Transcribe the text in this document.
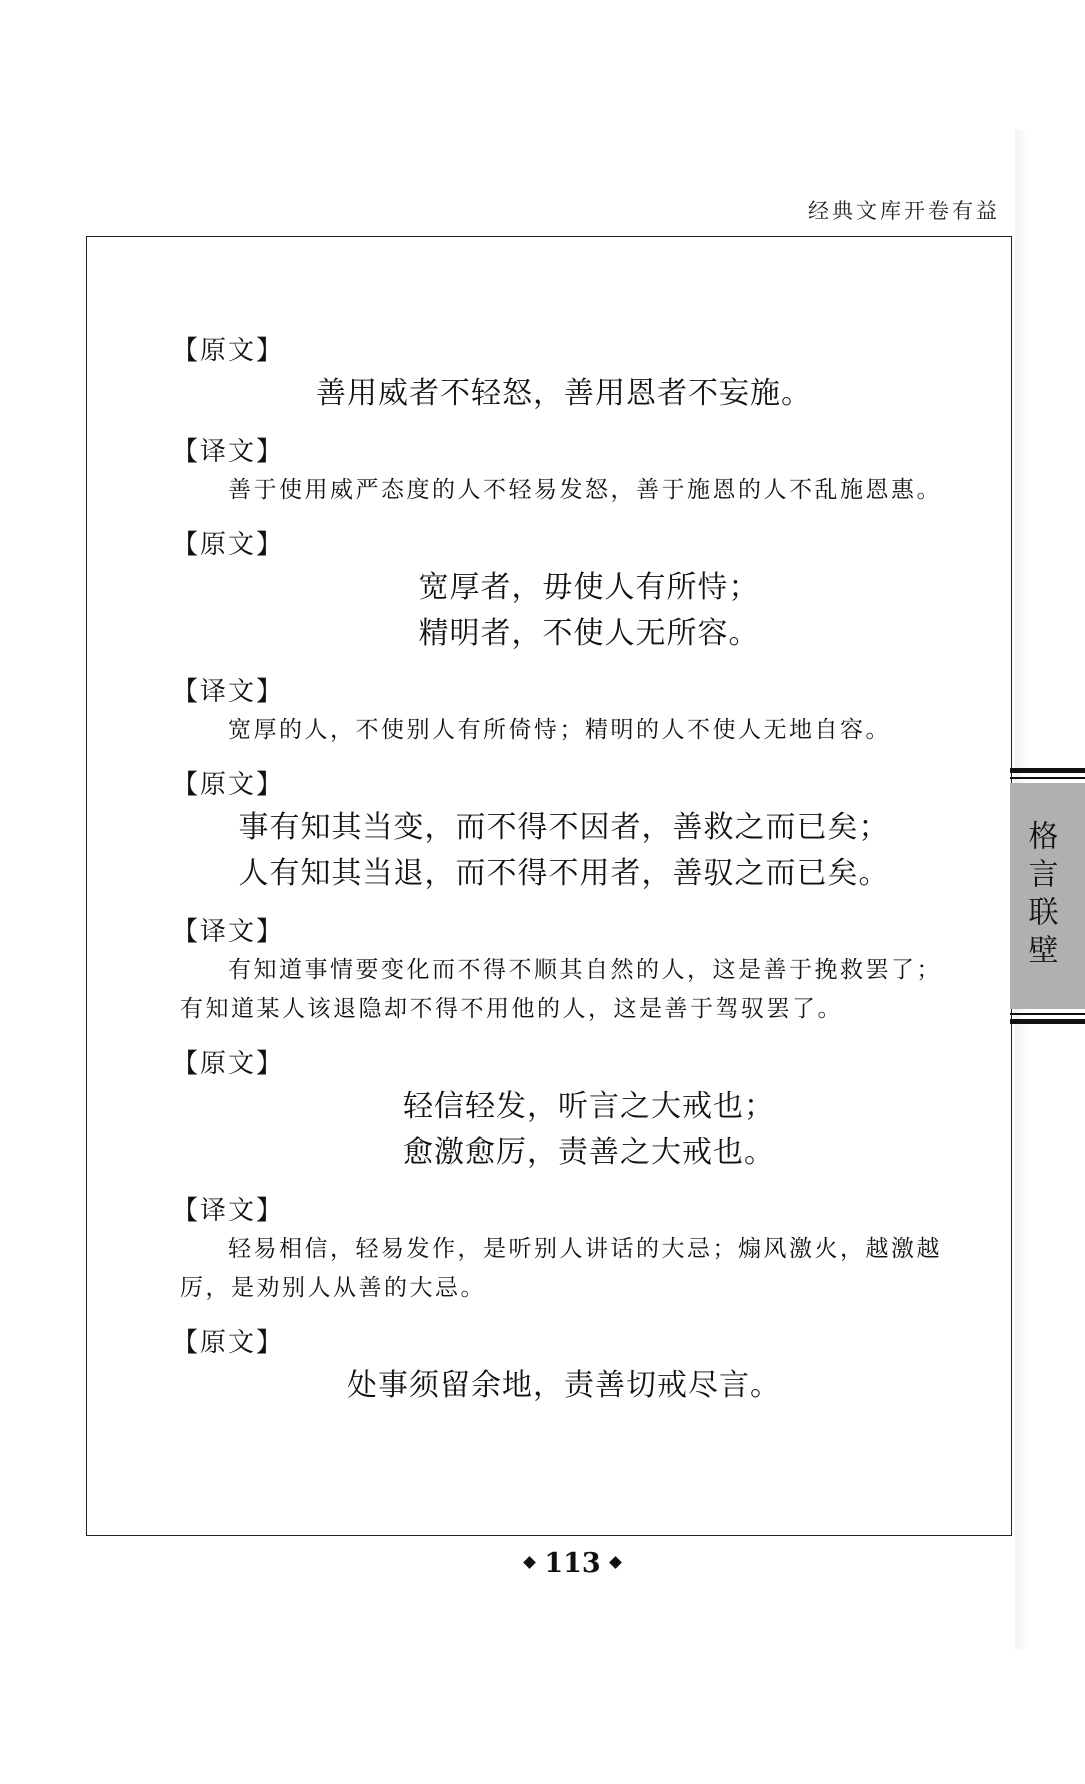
经典文库开卷有益

【原文】

善用威者不轻怒，善用恩者不妄施。

【译文】

善于使用威严态度的人不轻易发怒，善于施恩的人不乱施恩惠。

【原文】

宽厚者，毋使人有所恃；

精明者，不使人无所容。

【译文】

宽厚的人，不使别人有所倚恃；精明的人不使人无地自容。

【原文】

事有知其当变，而不得不因者，善救之而已矣；

人有知其当退，而不得不用者，善驭之而已矣。

【译文】

有知道事情要变化而不得不顺其自然的人，这是善于挽救罢了；有知道某人该退隐却不得不用他的人，这是善于驾驭罢了。

【原文】

轻信轻发，听言之大戒也；

愈激愈厉，责善之大戒也。

【译文】

轻易相信，轻易发作，是听别人讲话的大忌；煽风激火，越激越厉，是劝别人从善的大忌。

【原文】

处事须留余地，责善切戒尽言。

格言联壁
113
